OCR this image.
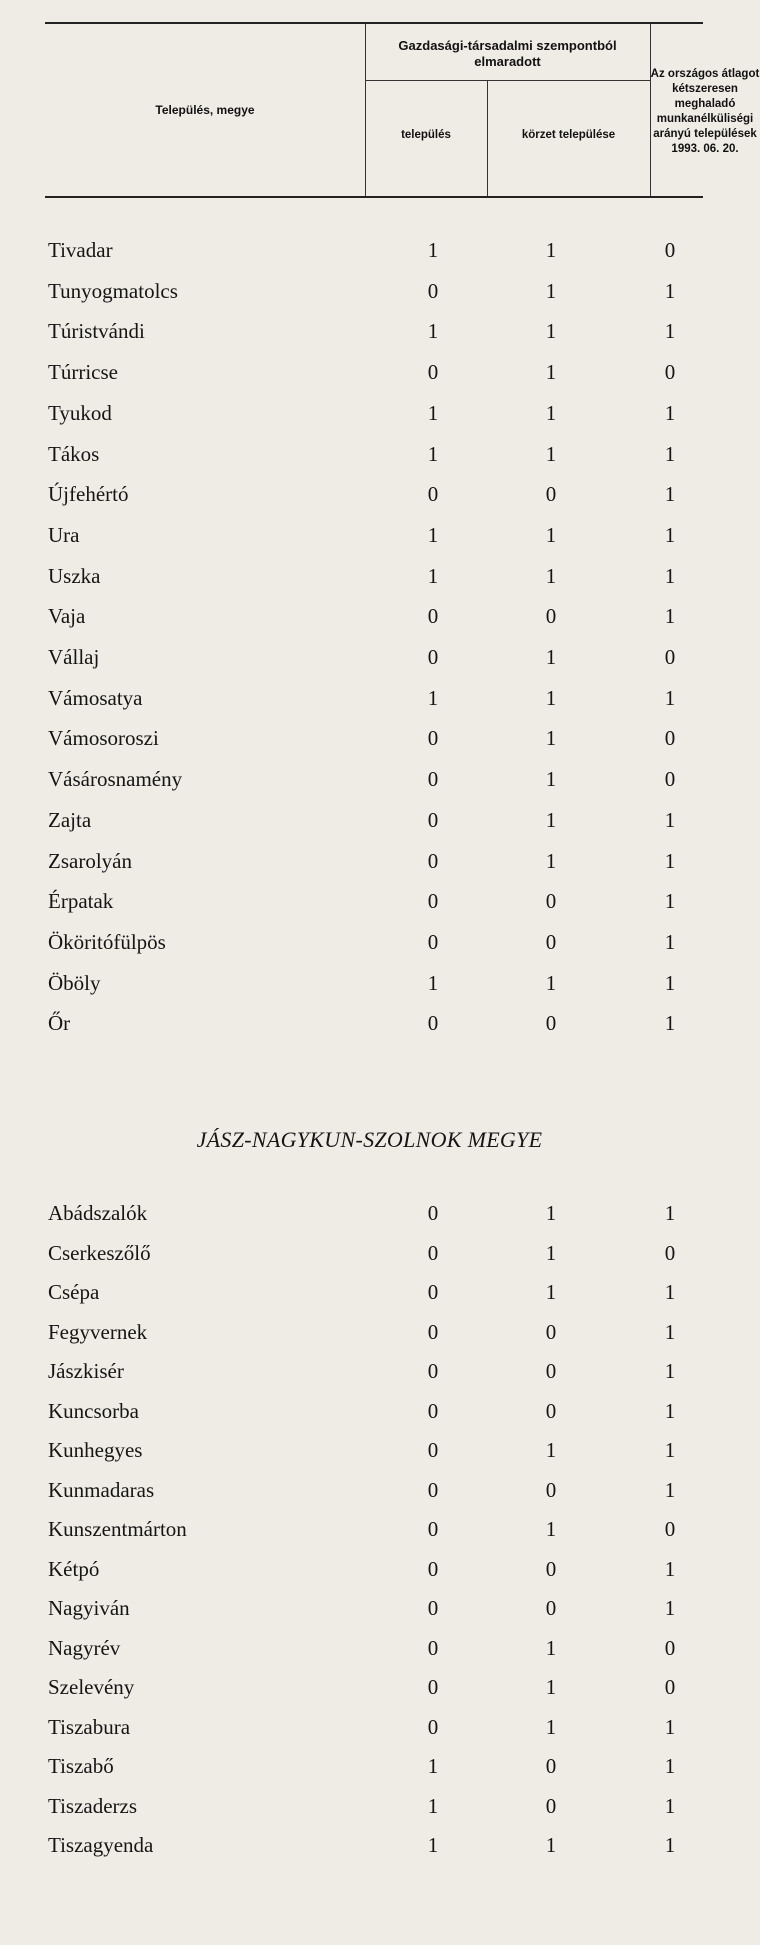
Település, megye
Gazdasági-társadalmi szempontból elmaradott
település	körzet települése
Az országos átlagot kétszeresen meghaladó munkanélküliségi arányú települések 1993. 06. 20.
Tivadar	1	1	0
Tunyogmatolcs	0	1	1
Túristvándi	1	1	1
Túrricse	0	1	0
Tyukod	1	1	1
Tákos	1	1	1
Újfehértó	0	0	1
Ura	1	1	1
Uszka	1	1	1
Vaja	0	0	1
Vállaj	0	1	0
Vámosatya	1	1	1
Vámosoroszi	0	1	0
Vásárosnamény	0	1	0
Zajta	0	1	1
Zsarolyán	0	1	1
Érpatak	0	0	1
Ököritófülpös	0	0	1
Öböly	1	1	1
Őr	0	0	1
JÁSZ-NAGYKUN-SZOLNOK MEGYE
Abádszalók	0	1	1
Cserkeszőlő	0	1	0
Csépa	0	1	1
Fegyvernek	0	0	1
Jászkisér	0	0	1
Kuncsorba	0	0	1
Kunhegyes	0	1	1
Kunmadaras	0	0	1
Kunszentmárton	0	1	0
Kétpó	0	0	1
Nagyiván	0	0	1
Nagyrév	0	1	0
Szelevény	0	1	0
Tiszabura	0	1	1
Tiszabő	1	0	1
Tiszaderzs	1	0	1
Tiszagyenda	1	1	1
